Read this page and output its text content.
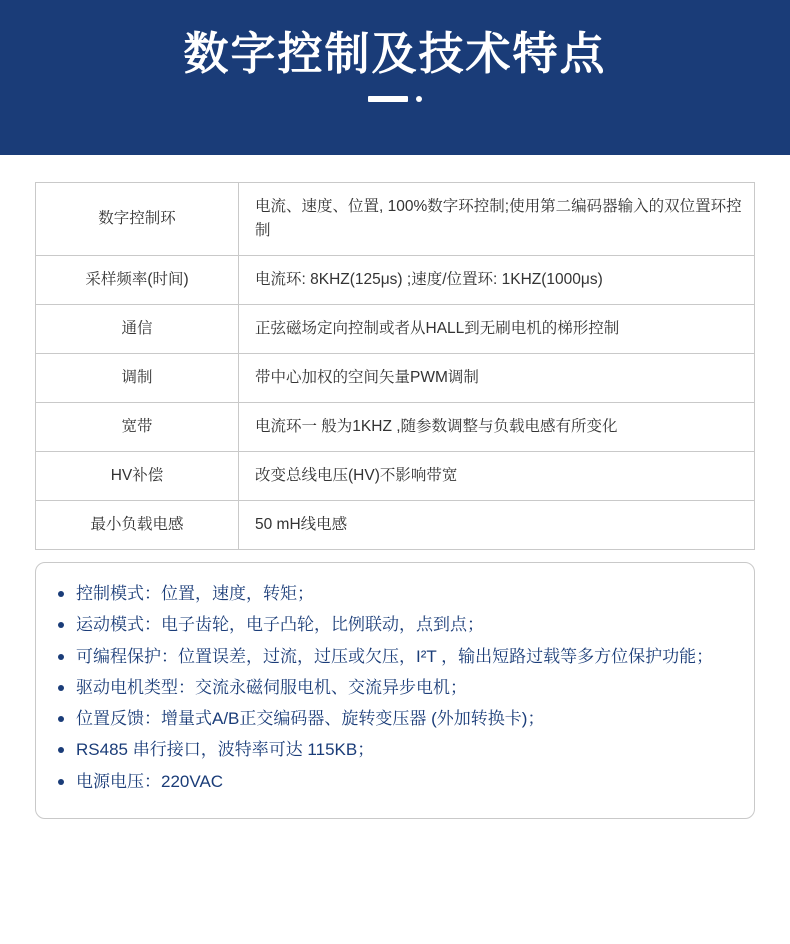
数字控制及技术特点
数字控制环	电流、速度、位置, 100%数字环控制;使用第二编码器输入的双位置环控制
采样频率(时间)	电流环: 8KHZ(125μs) ;速度/位置环: 1KHZ(1000μs)
通信	正弦磁场定向控制或者从HALL到无刷电机的梯形控制
调制	带中心加权的空间矢量PWM调制
宽带	电流环一 般为1KHZ ,随参数调整与负载电感有所变化
HV补偿	改变总线电压(HV)不影响带宽
最小负载电感	50 mH线电感
控制模式：位置，速度，转矩；
运动模式：电子齿轮，电子凸轮，比例联动，点到点；
可编程保护：位置误差，过流，过压或欠压，I²T ，输出短路过载等多方位保护功能；
驱动电机类型：交流永磁伺服电机、交流异步电机；
位置反馈：增量式A/B正交编码器、旋转变压器 (外加转换卡)；
RS485 串行接口，波特率可达 115KB；
电源电压：220VAC
